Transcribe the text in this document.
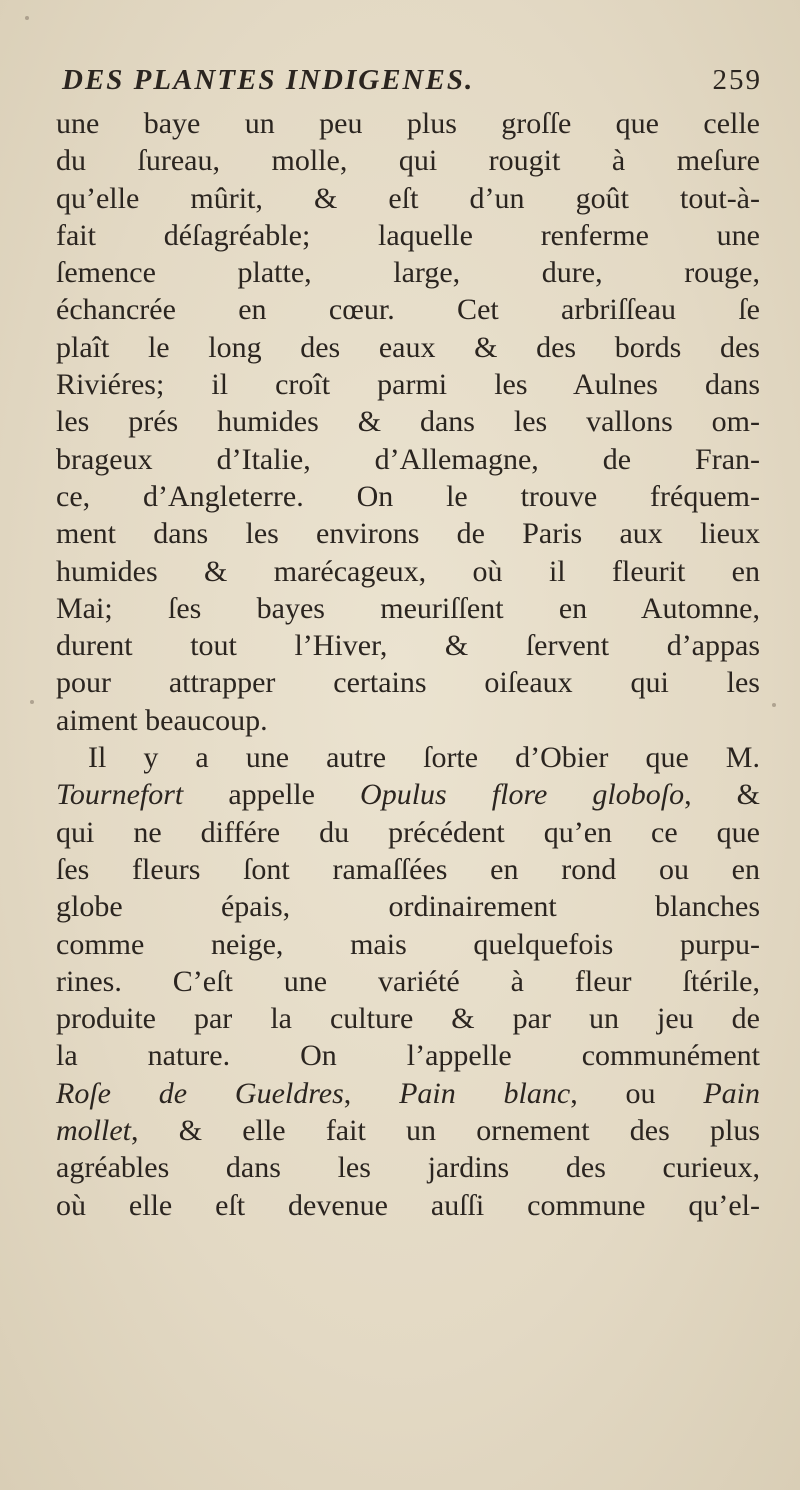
DES PLANTES INDIGENES.	259
une baye un peu plus groſſe que celle
du ſureau, molle, qui rougit à meſure
qu’elle mûrit, & eſt d’un goût tout-à-
fait déſagréable; laquelle renferme une
ſemence platte, large, dure, rouge,
échancrée en cœur. Cet arbriſſeau ſe
plaît le long des eaux & des bords des
Riviéres; il croît parmi les Aulnes dans
les prés humides & dans les vallons om-
brageux d’Italie, d’Allemagne, de Fran-
ce, d’Angleterre. On le trouve fréquem-
ment dans les environs de Paris aux lieux
humides & marécageux, où il fleurit en
Mai; ſes bayes meuriſſent en Automne,
durent tout l’Hiver, & ſervent d’appas
pour attrapper certains oiſeaux qui les
aiment beaucoup.
Il y a une autre ſorte d’Obier que M.
Tournefort appelle Opulus flore globoſo, &
qui ne différe du précédent qu’en ce que
ſes fleurs ſont ramaſſées en rond ou en
globe épais, ordinairement blanches
comme neige, mais quelquefois purpu-
rines. C’eſt une variété à fleur ſtérile,
produite par la culture & par un jeu de
la nature. On l’appelle communément
Roſe de Gueldres, Pain blanc, ou Pain
mollet, & elle fait un ornement des plus
agréables dans les jardins des curieux,
où elle eſt devenue auſſi commune qu’el-
